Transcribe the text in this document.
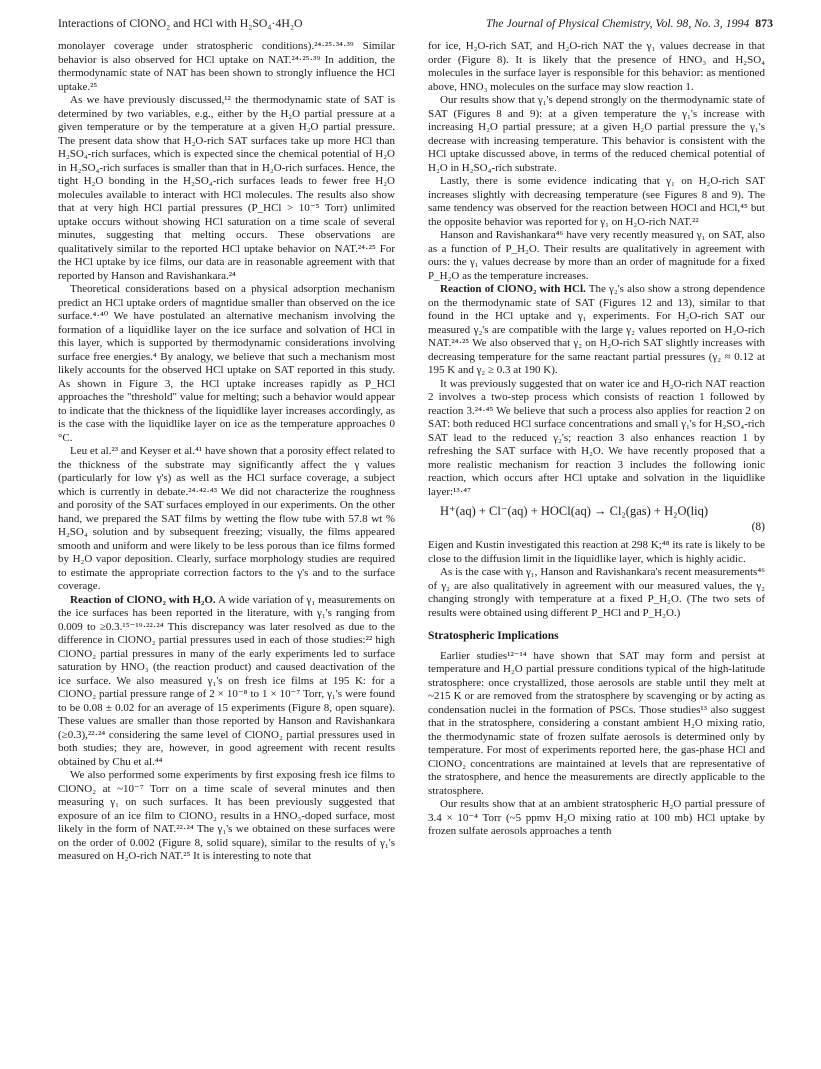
Interactions of ClONO₂ and HCl with H₂SO₄·4H₂O	The Journal of Physical Chemistry, Vol. 98, No. 3, 1994 873

monolayer coverage under stratospheric conditions).²⁴·²⁵·³⁴·³⁹ Similar behavior is also observed for HCl uptake on NAT.²⁴·²⁵·³⁹ In addition, the thermodynamic state of NAT has been shown to strongly influence the HCl uptake.²⁵

As we have previously discussed,¹² the thermodynamic state of SAT is determined by two variables, e.g., either by the H₂O partial pressure at a given temperature or by the temperature at a given H₂O partial pressure. The present data show that H₂O-rich SAT surfaces take up more HCl than H₂SO₄-rich surfaces, which is expected since the chemical potential of H₂O in H₂SO₄-rich surfaces is smaller than that in H₂O-rich surfaces. Hence, the tight H₂O bonding in the H₂SO₄-rich surfaces leads to fewer free H₂O molecules available to interact with HCl molecules. The results also show that at very high HCl partial pressures (P_HCl > 10⁻⁵ Torr) unlimited uptake occurs without showing HCl saturation on a time scale of several minutes, suggesting that melting occurs. These observations are qualitatively similar to the reported HCl uptake behavior on NAT.²⁴·²⁵ For the HCl uptake by ice films, our data are in reasonable agreement with that reported by Hanson and Ravishankara.²⁴

Theoretical considerations based on a physical adsorption mechanism predict an HCl uptake orders of magntidue smaller than observed on the ice surface.⁴·⁴⁰ We have postulated an alternative mechanism involving the formation of a liquidlike layer on the ice surface and solvation of HCl in this layer, which is supported by thermodynamic considerations involving surface free energies.⁴ By analogy, we believe that such a mechanism most likely accounts for the observed HCl uptake on SAT reported in this study. As shown in Figure 3, the HCl uptake increases rapidly as P_HCl approaches the "threshold" value for melting; such a behavior would appear to indicate that the thickness of the liquidlike layer increases accordingly, as is the case with the liquidlike layer on ice as the temperature approaches 0 °C.

Leu et al.²³ and Keyser et al.⁴¹ have shown that a porosity effect related to the thickness of the substrate may significantly affect the γ values (particularly for low γ's) as well as the HCl surface coverage, a subject which is currently in debate.²⁴·⁴²·⁴³ We did not characterize the roughness and porosity of the SAT surfaces employed in our experiments. On the other hand, we prepared the SAT films by wetting the flow tube with 57.8 wt % H₂SO₄ solution and by subsequent freezing; visually, the films appeared smooth and uniform and were likely to be less porous than ice films formed by H₂O vapor deposition. Clearly, surface morphology studies are required to estimate the appropriate correction factors to the γ's and to the surface coverage.

Reaction of ClONO₂ with H₂O. A wide variation of γ₁ measurements on the ice surfaces has been reported in the literature, with γ₁'s ranging from 0.009 to ≥0.3.¹⁵⁻¹⁹·²²·²⁴ This discrepancy was later resolved as due to the difference in ClONO₂ partial pressures used in each of those studies:²² high ClONO₂ partial pressures in many of the early experiments led to surface saturation by HNO₃ (the reaction product) and caused deactivation of the ice surface. We also measured γ₁'s on fresh ice films at 195 K: for a ClONO₂ partial pressure range of 2 × 10⁻⁸ to 1 × 10⁻⁷ Torr, γ₁'s were found to be 0.08 ± 0.02 for an average of 15 experiments (Figure 8, open square). These values are smaller than those reported by Hanson and Ravishankara (≥0.3),²²·²⁴ considering the same level of ClONO₂ partial pressures used in both studies; they are, however, in good agreement with recent results obtained by Chu et al.⁴⁴

We also performed some experiments by first exposing fresh ice films to ClONO₂ at ~10⁻⁷ Torr on a time scale of several minutes and then measuring γ₁ on such surfaces. It has been previously suggested that exposure of an ice film to ClONO₂ results in a HNO₃-doped surface, most likely in the form of NAT.²²·²⁴ The γ₁'s we obtained on these surfaces were on the order of 0.002 (Figure 8, solid square), similar to the results of γ₁'s measured on H₂O-rich NAT.²⁵ It is interesting to note that

for ice, H₂O-rich SAT, and H₂O-rich NAT the γ₁ values decrease in that order (Figure 8). It is likely that the presence of HNO₃ and H₂SO₄ molecules in the surface layer is responsible for this behavior: as mentioned above, HNO₃ molecules on the surface may slow reaction 1.

Our results show that γ₁'s depend strongly on the thermodynamic state of SAT (Figures 8 and 9): at a given temperature the γ₁'s increase with increasing H₂O partial pressure; at a given H₂O partial pressure the γ₁'s decrease with increasing temperature. This behavior is consistent with the HCl uptake discussed above, in terms of the reduced chemical potential of H₂O in H₂SO₄-rich substrate.

Lastly, there is some evidence indicating that γ₁ on H₂O-rich SAT increases slightly with decreasing temperature (see Figures 8 and 9). The same tendency was observed for the reaction between HOCl and HCl,⁴⁵ but the opposite behavior was reported for γ₁ on H₂O-rich NAT.²²

Hanson and Ravishankara⁴⁶ have very recently measured γ₁ on SAT, also as a function of P_H₂O. Their results are qualitatively in agreement with ours: the γ₁ values decrease by more than an order of magnitude for a fixed P_H₂O as the temperature increases.

Reaction of ClONO₂ with HCl. The γ₂'s also show a strong dependence on the thermodynamic state of SAT (Figures 12 and 13), similar to that found in the HCl uptake and γ₁ experiments. For H₂O-rich SAT our measured γ₂'s are compatible with the large γ₂ values reported on H₂O-rich NAT.²⁴·²⁵ We also observed that γ₂ on H₂O-rich SAT slightly increases with decreasing temperature for the same reactant partial pressures (γ₂ ≈ 0.12 at 195 K and γ₂ ≥ 0.3 at 190 K).

It was previously suggested that on water ice and H₂O-rich NAT reaction 2 involves a two-step process which consists of reaction 1 followed by reaction 3.²⁴·⁴⁵ We believe that such a process also applies for reaction 2 on SAT: both reduced HCl surface concentrations and small γ₁'s for H₂SO₄-rich SAT lead to the reduced γ₂'s; reaction 3 also enhances reaction 1 by refreshing the SAT surface with H₂O. We have recently proposed that a more realistic mechanism for reaction 3 includes the following ionic reaction, which occurs after HCl uptake and solvation in the liquidlike layer:¹³·⁴⁷

H⁺(aq) + Cl⁻(aq) + HOCl(aq) → Cl₂(gas) + H₂O(liq)
(8)

Eigen and Kustin investigated this reaction at 298 K;⁴⁸ its rate is likely to be close to the diffusion limit in the liquidlike layer, which is highly acidic.

As is the case with γ₁, Hanson and Ravishankara's recent measurements⁴⁶ of γ₂ are also qualitatively in agreement with our measured values, the γ₂ changing strongly with temperature at a fixed P_H₂O. (The two sets of results were obtained using different P_HCl and P_H₂O.)

Stratospheric Implications

Earlier studies¹²⁻¹⁴ have shown that SAT may form and persist at temperature and H₂O partial pressure conditions typical of the high-latitude stratosphere: once crystallized, those aerosols are stable until they melt at ~215 K or are removed from the stratosphere by scavenging or by acting as condensation nuclei in the formation of PSCs. Those studies¹³ also suggest that in the stratosphere, considering a constant ambient H₂O mixing ratio, the thermodynamic state of frozen sulfate aerosols is determined only by temperature. For most of experiments reported here, the gas-phase HCl and ClONO₂ concentrations are maintained at levels that are representative of the stratosphere, and hence the measurements are directly applicable to the stratosphere.

Our results show that at an ambient stratospheric H₂O partial pressure of 3.4 × 10⁻⁴ Torr (~5 ppmv H₂O mixing ratio at 100 mb) HCl uptake by frozen sulfate aerosols approaches a tenth
